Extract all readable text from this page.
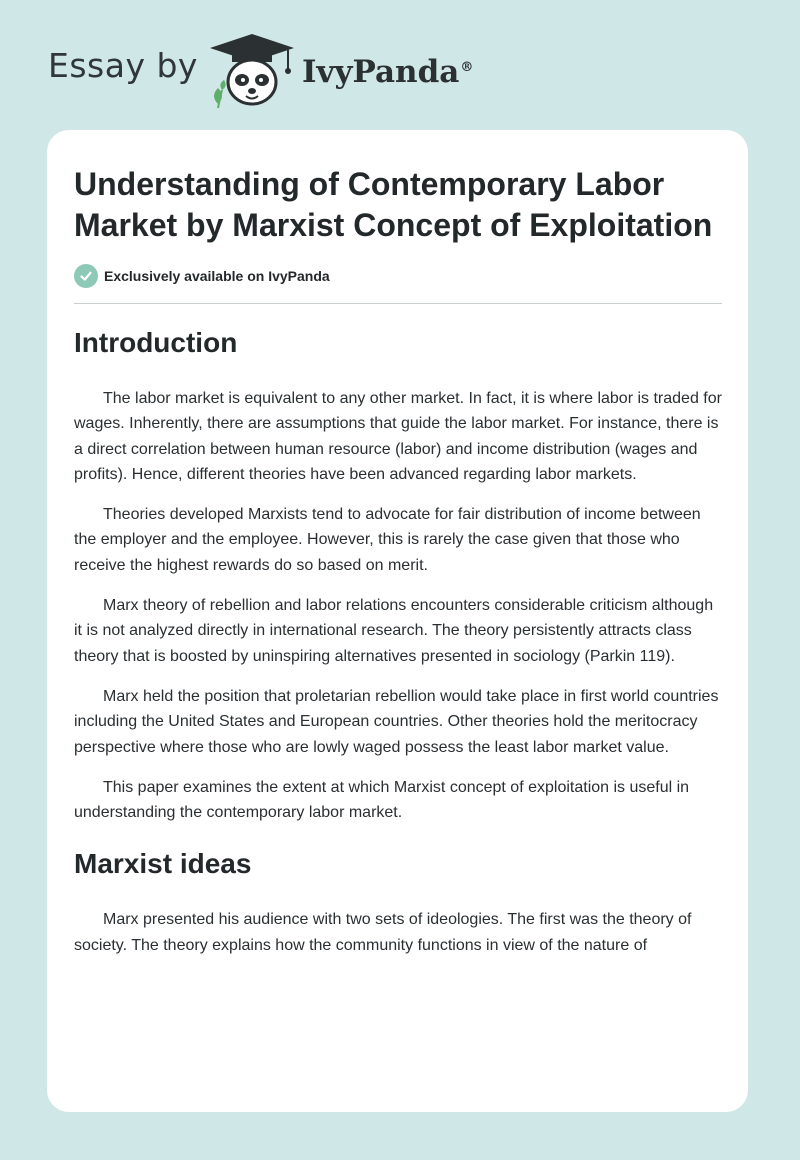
Essay by	IvyPanda®
Understanding of Contemporary Labor Market by Marxist Concept of Exploitation
Exclusively available on IvyPanda
Introduction

The labor market is equivalent to any other market. In fact, it is where labor is traded for wages. Inherently, there are assumptions that guide the labor market. For instance, there is a direct correlation between human resource (labor) and income distribution (wages and profits). Hence, different theories have been advanced regarding labor markets.

Theories developed Marxists tend to advocate for fair distribution of income between the employer and the employee. However, this is rarely the case given that those who receive the highest rewards do so based on merit.

Marx theory of rebellion and labor relations encounters considerable criticism although it is not analyzed directly in international research. The theory persistently attracts class theory that is boosted by uninspiring alternatives presented in sociology (Parkin 119).

Marx held the position that proletarian rebellion would take place in first world countries including the United States and European countries. Other theories hold the meritocracy perspective where those who are lowly waged possess the least labor market value.

This paper examines the extent at which Marxist concept of exploitation is useful in understanding the contemporary labor market.

Marxist ideas

Marx presented his audience with two sets of ideologies. The first was the theory of society. The theory explains how the community functions in view of the nature of
